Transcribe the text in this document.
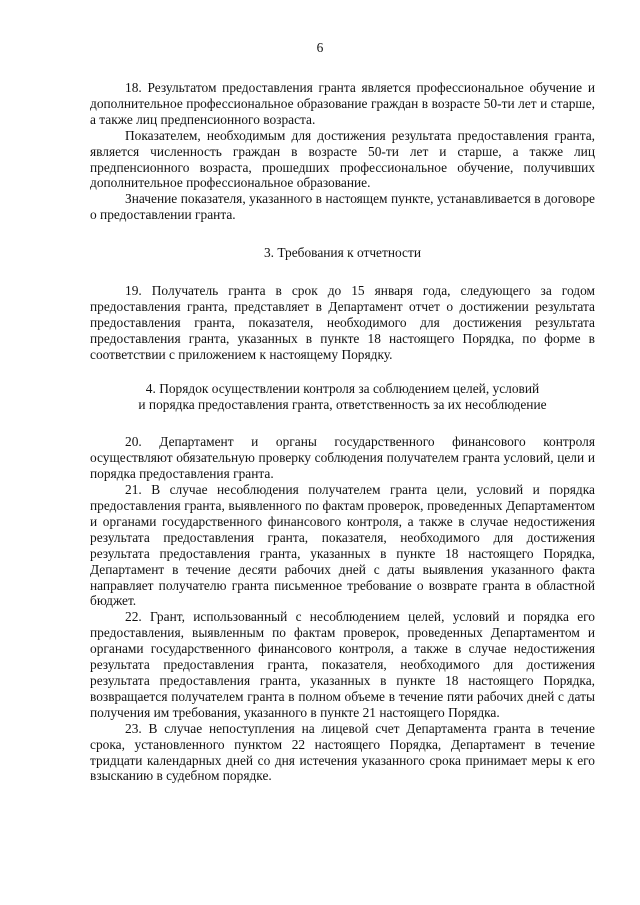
6

18. Результатом предоставления гранта является профессиональное обучение и дополнительное профессиональное образование граждан в возрасте 50-ти лет и старше, а также лиц предпенсионного возраста.

Показателем, необходимым для достижения результата предоставления гранта, является численность граждан в возрасте 50-ти лет и старше, а также лиц предпенсионного возраста, прошедших профессиональное обучение, получивших дополнительное профессиональное образование.

Значение показателя, указанного в настоящем пункте, устанавливается в договоре о предоставлении гранта.

3. Требования к отчетности

19. Получатель гранта в срок до 15 января года, следующего за годом предоставления гранта, представляет в Департамент отчет о достижении результата предоставления гранта, показателя, необходимого для достижения результата предоставления гранта, указанных в пункте 18 настоящего Порядка, по форме в соответствии с приложением к настоящему Порядку.

4. Порядок осуществлении контроля за соблюдением целей, условий

и порядка предоставления гранта, ответственность за их несоблюдение

20. Департамент и органы государственного финансового контроля осуществляют обязательную проверку соблюдения получателем гранта условий, цели и порядка предоставления гранта.

21. В случае несоблюдения получателем гранта цели, условий и порядка предоставления гранта, выявленного по фактам проверок, проведенных Департаментом и органами государственного финансового контроля, а также в случае недостижения результата предоставления гранта, показателя, необходимого для достижения результата предоставления гранта, указанных в пункте 18 настоящего Порядка, Департамент в течение десяти рабочих дней с даты выявления указанного факта направляет получателю гранта письменное требование о возврате гранта в областной бюджет.

22. Грант, использованный с несоблюдением целей, условий и порядка его предоставления, выявленным по фактам проверок, проведенных Департаментом и органами государственного финансового контроля, а также в случае недостижения результата предоставления гранта, показателя, необходимого для достижения результата предоставления гранта, указанных в пункте 18 настоящего Порядка, возвращается получателем гранта в полном объеме в течение пяти рабочих дней с даты получения им требования, указанного в пункте 21 настоящего Порядка.

23. В случае непоступления на лицевой счет Департамента гранта в течение срока, установленного пунктом 22 настоящего Порядка, Департамент в течение тридцати календарных дней со дня истечения указанного срока принимает меры к его взысканию в судебном порядке.
